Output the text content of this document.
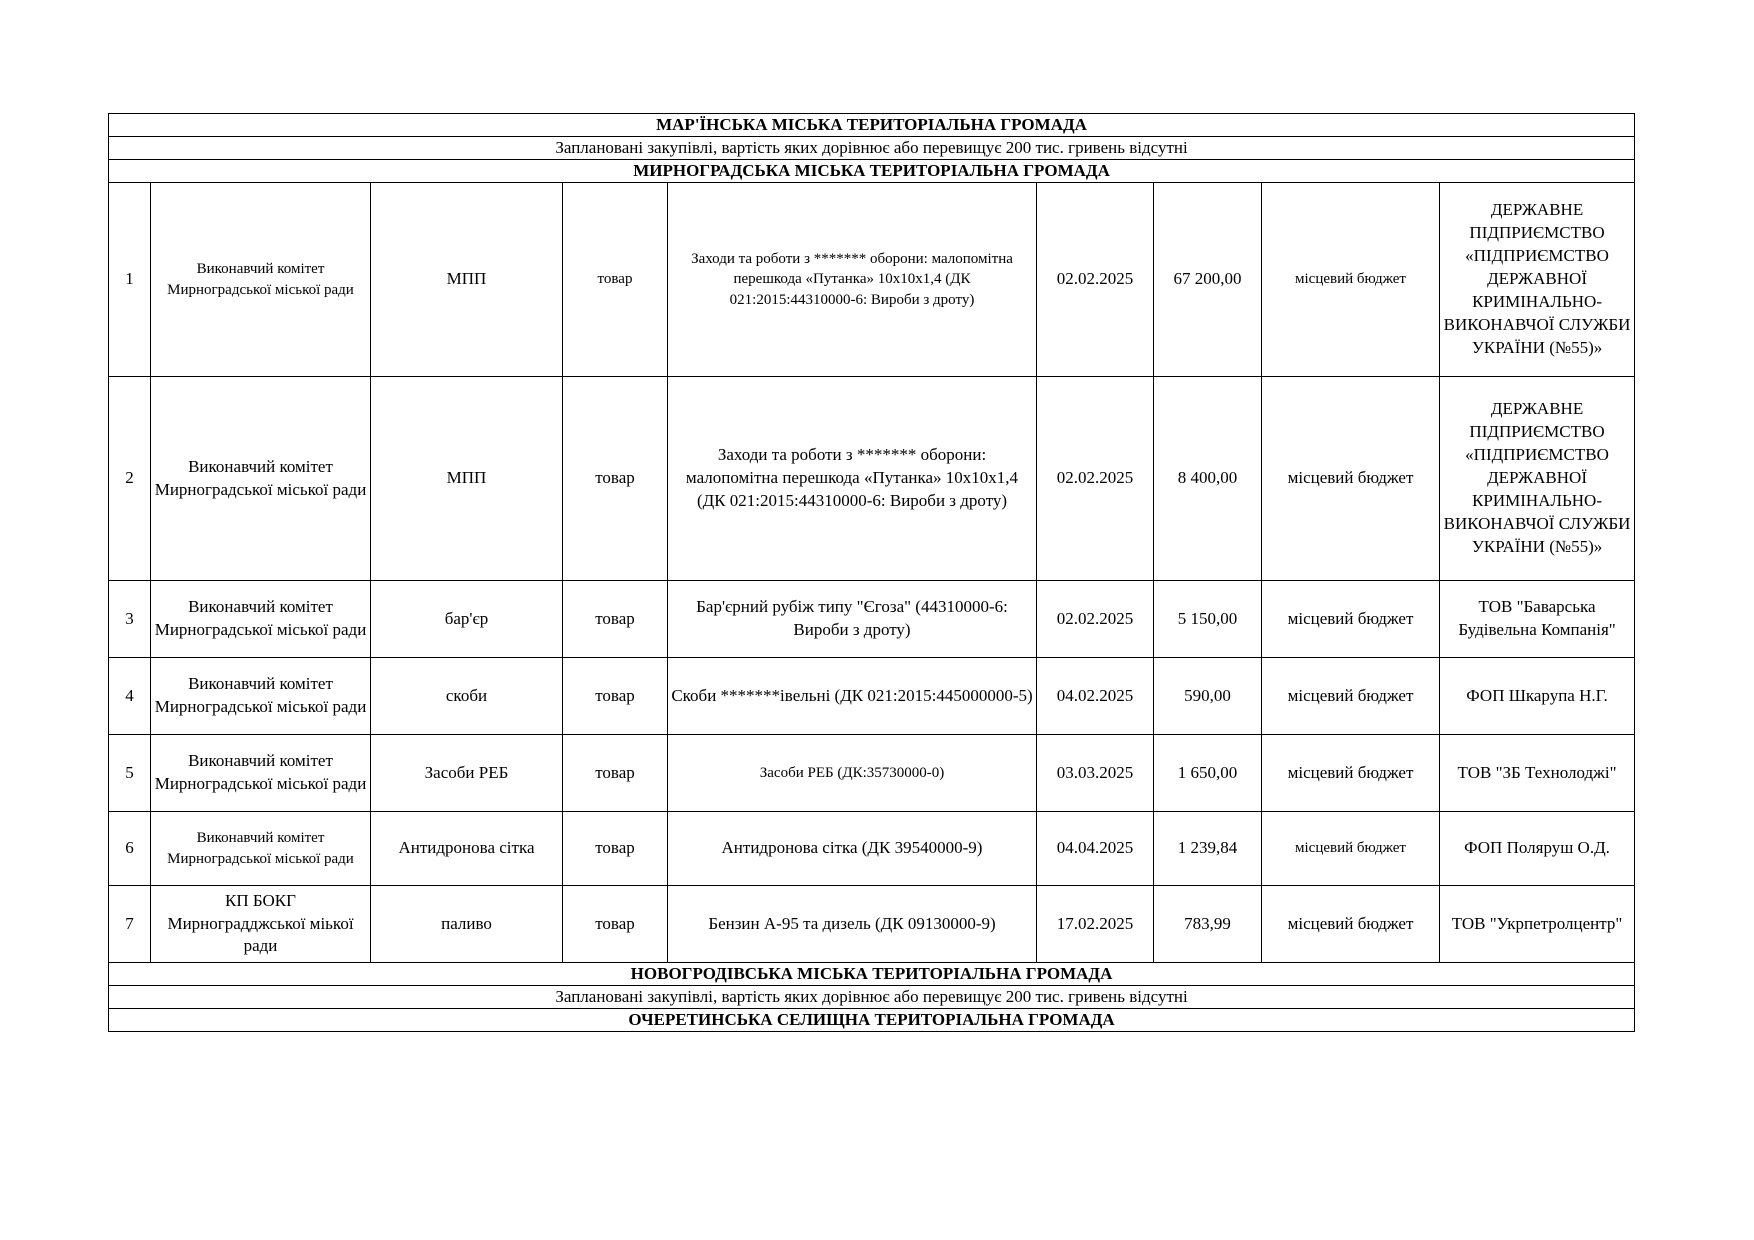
МАР'ЇНСЬКА МІСЬКА ТЕРИТОРІАЛЬНА ГРОМАДА								
Заплановані закупівлі, вартість яких дорівнює або перевищує 200 тис. гривень відсутні								
МИРНОГРАДСЬКА МІСЬКА ТЕРИТОРІАЛЬНА ГРОМАДА								
1	Виконавчий комітет Мирноградської міської ради	МПП	товар	Заходи та роботи з ******* оборони: малопомітна перешкода «Путанка» 10х10х1,4 (ДК 021:2015:44310000-6: Вироби з дроту)	02.02.2025	67 200,00	місцевий бюджет	ДЕРЖАВНЕ ПІДПРИЄМСТВО «ПІДПРИЄМСТВО ДЕРЖАВНОЇ КРИМІНАЛЬНО-ВИКОНАВЧОЇ СЛУЖБИ УКРАЇНИ (№55)»
2	Виконавчий комітет Мирноградської міської ради	МПП	товар	Заходи та роботи з ******* оборони: малопомітна перешкода «Путанка» 10х10х1,4 (ДК 021:2015:44310000-6: Вироби з дроту)	02.02.2025	8 400,00	місцевий бюджет	ДЕРЖАВНЕ ПІДПРИЄМСТВО «ПІДПРИЄМСТВО ДЕРЖАВНОЇ КРИМІНАЛЬНО-ВИКОНАВЧОЇ СЛУЖБИ УКРАЇНИ (№55)»
3	Виконавчий комітет Мирноградської міської ради	бар'єр	товар	Бар'єрний рубіж типу "Єгоза" (44310000-6: Вироби з дроту)	02.02.2025	5 150,00	місцевий бюджет	ТОВ "Баварська Будівельна Компанія"
4	Виконавчий комітет Мирноградської міської ради	скоби	товар	Скоби *******івельні (ДК 021:2015:445000000-5)	04.02.2025	590,00	місцевий бюджет	ФОП Шкарупа Н.Г.
5	Виконавчий комітет Мирноградської міської ради	Засоби РЕБ	товар	Засоби РЕБ (ДК:35730000-0)	03.03.2025	1 650,00	місцевий бюджет	ТОВ "ЗБ Технолоджі"
6	Виконавчий комітет Мирноградської міської ради	Антидронова сітка	товар	Антидронова сітка (ДК 39540000-9)	04.04.2025	1 239,84	місцевий бюджет	ФОП Поляруш О.Д.
7	КП БОКГ Мирноградджської міької ради	паливо	товар	Бензин А-95 та дизель (ДК 09130000-9)	17.02.2025	783,99	місцевий бюджет	ТОВ "Укрпетролцентр"
НОВОГРОДІВСЬКА МІСЬКА ТЕРИТОРІАЛЬНА ГРОМАДА								
Заплановані закупівлі, вартість яких дорівнює або перевищує 200 тис. гривень відсутні								
ОЧЕРЕТИНСЬКА СЕЛИЩНА ТЕРИТОРІАЛЬНА ГРОМАДА								
